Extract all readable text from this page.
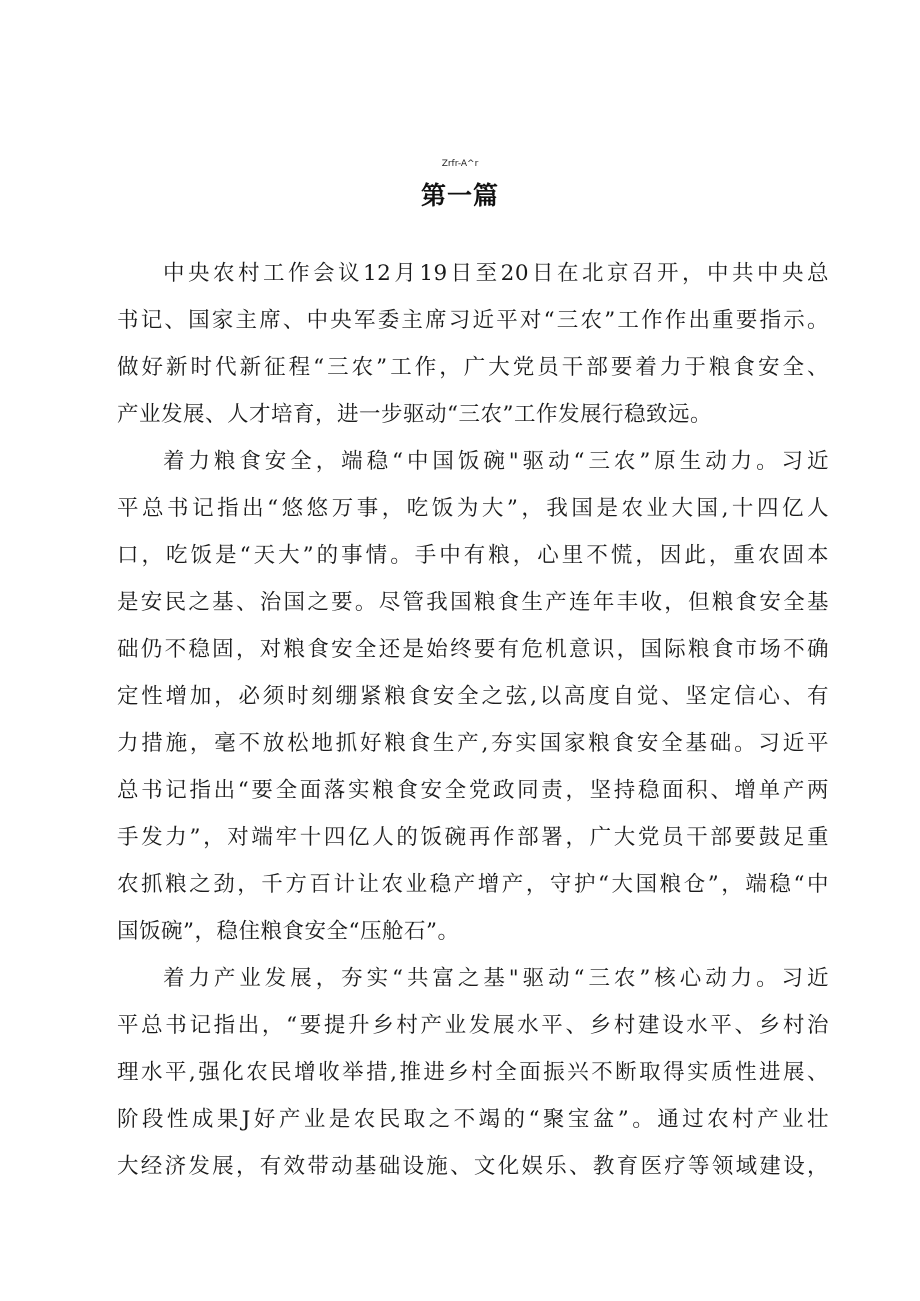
Zrfr-A^r
第一篇
中央农村工作会议12月19日至20日在北京召开，中共中央总
书记、国家主席、中央军委主席习近平对“三农”工作作出重要指示。
做好新时代新征程“三农”工作，广大党员干部要着力于粮食安全、
产业发展、人才培育，进一步驱动“三农”工作发展行稳致远。
着力粮食安全，端稳“中国饭碗"驱动“三农”原生动力。习近
平总书记指出“悠悠万事，吃饭为大”，我国是农业大国,十四亿人
口，吃饭是“天大”的事情。手中有粮，心里不慌，因此，重农固本
是安民之基、治国之要。尽管我国粮食生产连年丰收，但粮食安全基
础仍不稳固，对粮食安全还是始终要有危机意识，国际粮食市场不确
定性增加，必须时刻绷紧粮食安全之弦,以高度自觉、坚定信心、有
力措施，毫不放松地抓好粮食生产,夯实国家粮食安全基础。习近平
总书记指出“要全面落实粮食安全党政同责，坚持稳面积、增单产两
手发力”，对端牢十四亿人的饭碗再作部署，广大党员干部要鼓足重
农抓粮之劲，千方百计让农业稳产增产，守护“大国粮仓”，端稳“中
国饭碗”，稳住粮食安全“压舱石”。
着力产业发展，夯实“共富之基"驱动“三农”核心动力。习近
平总书记指出，“要提升乡村产业发展水平、乡村建设水平、乡村治
理水平,强化农民增收举措,推进乡村全面振兴不断取得实质性进展、
阶段性成果J好产业是农民取之不竭的“聚宝盆”。通过农村产业壮
大经济发展，有效带动基础设施、文化娱乐、教育医疗等领域建设，
